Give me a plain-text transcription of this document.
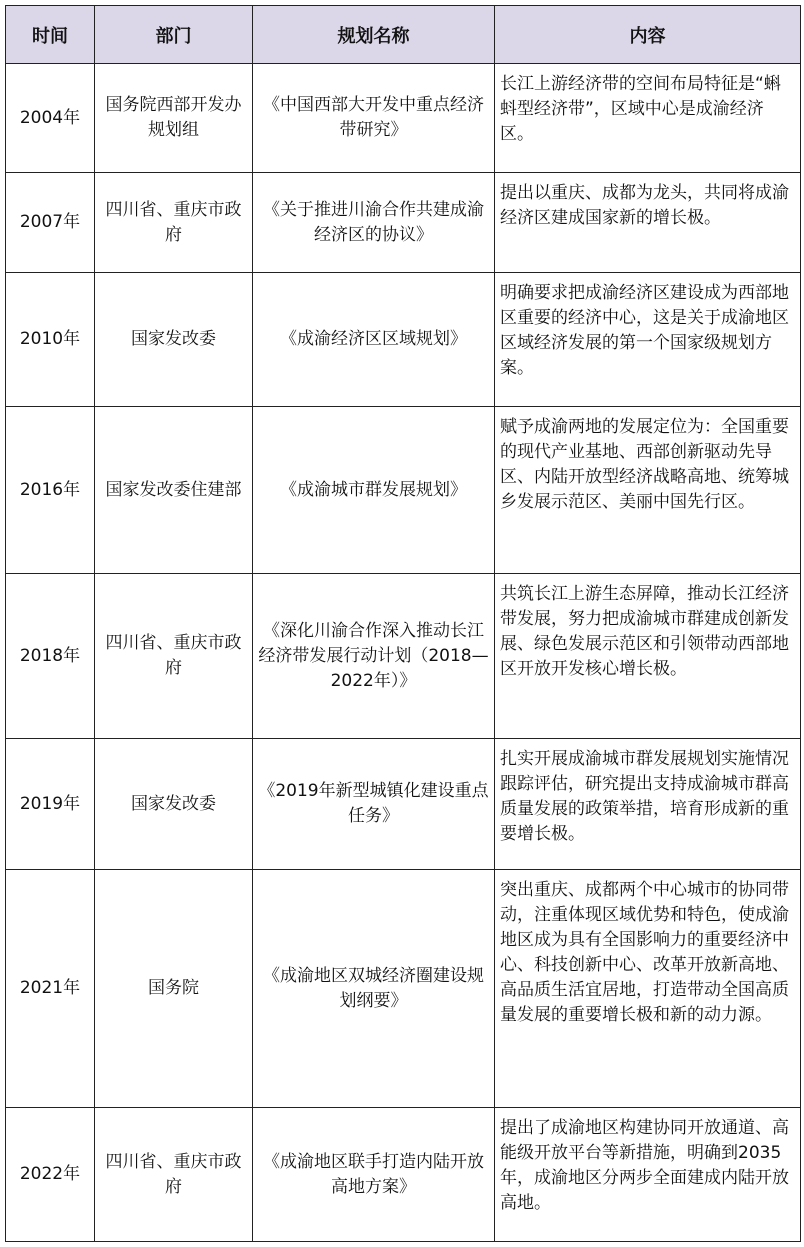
时间	部门	规划名称	内容
2004年	国务院西部开发办规划组	《中国西部大开发中重点经济带研究》	长江上游经济带的空间布局特征是“蝌蚪型经济带”，区域中心是成渝经济区。

2007年	四川省、重庆市政府	《关于推进川渝合作共建成渝经济区的协议》	提出以重庆、成都为龙头，共同将成渝经济区建成国家新的增长极。

2010年	国家发改委	《成渝经济区区域规划》	明确要求把成渝经济区建设成为西部地区重要的经济中心，这是关于成渝地区区域经济发展的第一个国家级规划方案。

2016年	国家发改委住建部	《成渝城市群发展规划》	赋予成渝两地的发展定位为：全国重要的现代产业基地、西部创新驱动先导区、内陆开放型经济战略高地、统筹城乡发展示范区、美丽中国先行区。

2018年	四川省、重庆市政府	《深化川渝合作深入推动长江经济带发展行动计划（2018—2022年）》	共筑长江上游生态屏障，推动长江经济带发展，努力把成渝城市群建成创新发展、绿色发展示范区和引领带动西部地区开放开发核心增长极。

2019年	国家发改委	《2019年新型城镇化建设重点任务》	扎实开展成渝城市群发展规划实施情况跟踪评估，研究提出支持成渝城市群高质量发展的政策举措，培育形成新的重要增长极。

2021年	国务院	《成渝地区双城经济圈建设规划纲要》	突出重庆、成都两个中心城市的协同带动，注重体现区域优势和特色，使成渝地区成为具有全国影响力的重要经济中心、科技创新中心、改革开放新高地、高品质生活宜居地，打造带动全国高质量发展的重要增长极和新的动力源。

2022年	四川省、重庆市政府	《成渝地区联手打造内陆开放高地方案》	提出了成渝地区构建协同开放通道、高能级开放平台等新措施，明确到2035年，成渝地区分两步全面建成内陆开放高地。
